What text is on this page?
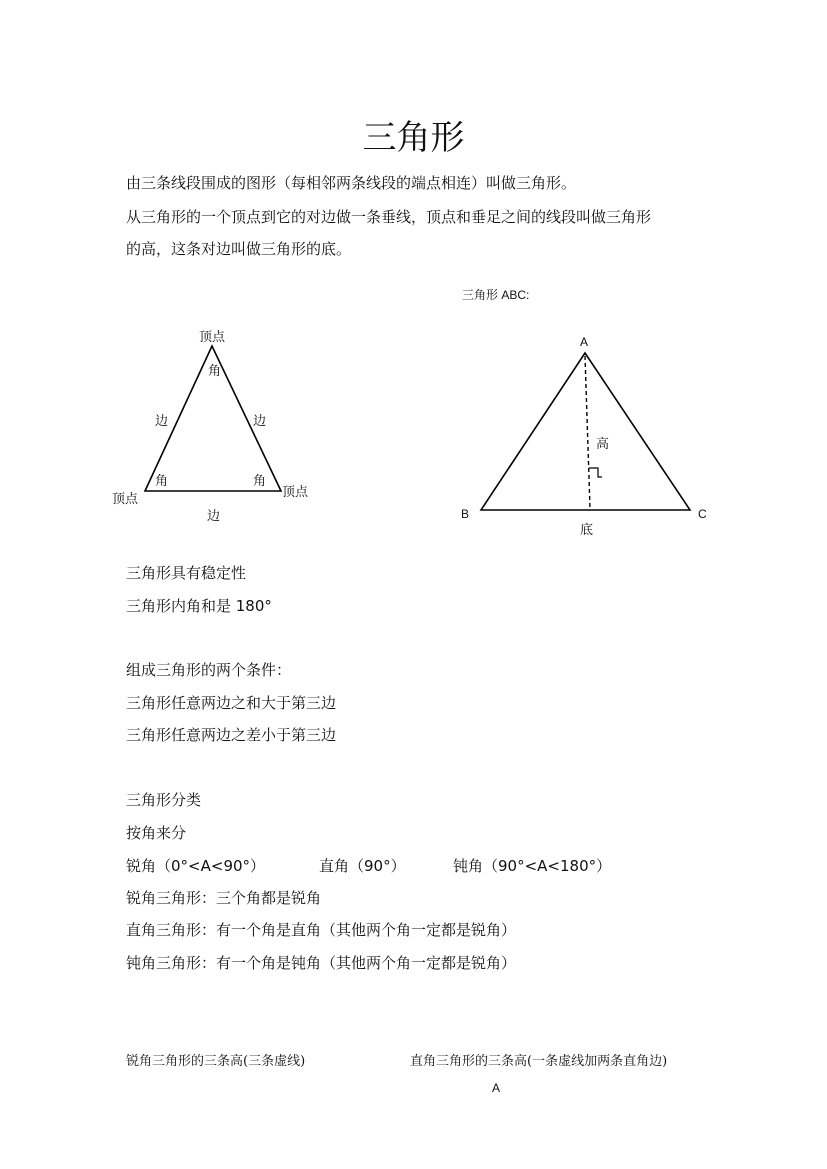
三角形
由三条线段围成的图形（每相邻两条线段的端点相连）叫做三角形。
从三角形的一个顶点到它的对边做一条垂线，顶点和垂足之间的线段叫做三角形
的高，这条对边叫做三角形的底。
顶点
角
边	边
角	角
顶点	顶点
边
三角形 ABC:
A
B	C
高
底
三角形具有稳定性
三角形内角和是 180°
组成三角形的两个条件：
三角形任意两边之和大于第三边
三角形任意两边之差小于第三边
三角形分类
按角来分
锐角（0°<A<90°）	直角（90°）	钝角（90°<A<180°）
锐角三角形：三个角都是锐角
直角三角形：有一个角是直角（其他两个角一定都是锐角）
钝角三角形：有一个角是钝角（其他两个角一定都是锐角）
锐角三角形的三条高(三条虚线)	直角三角形的三条高(一条虚线加两条直角边)
A
